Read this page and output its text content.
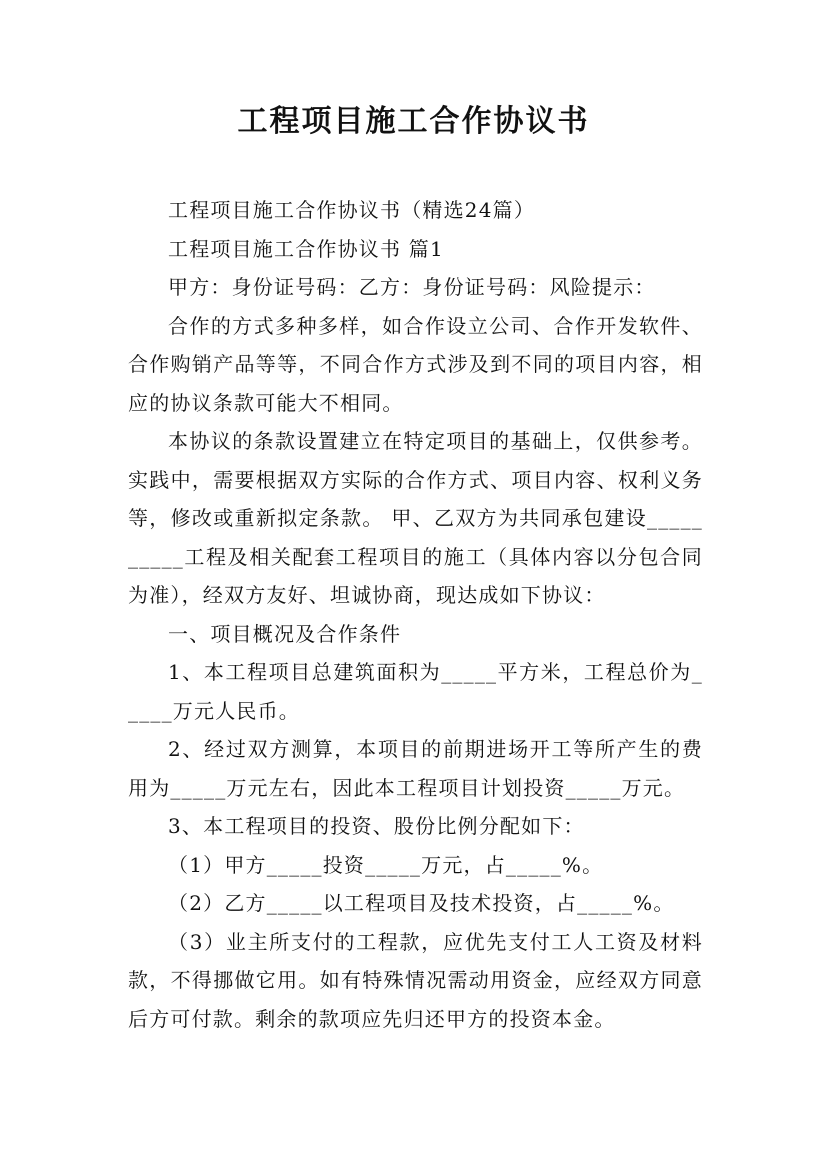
工程项目施工合作协议书

工程项目施工合作协议书（精选24篇）

工程项目施工合作协议书 篇1

甲方：身份证号码：乙方：身份证号码：风险提示：

合作的方式多种多样，如合作设立公司、合作开发软件、合作购销产品等等，不同合作方式涉及到不同的项目内容，相应的协议条款可能大不相同。

本协议的条款设置建立在特定项目的基础上，仅供参考。实践中，需要根据双方实际的合作方式、项目内容、权利义务等，修改或重新拟定条款。 甲、乙双方为共同承包建设__________工程及相关配套工程项目的施工（具体内容以分包合同为准），经双方友好、坦诚协商，现达成如下协议：

一、项目概况及合作条件

1、本工程项目总建筑面积为_____平方米，工程总价为_____万元人民币。

2、经过双方测算，本项目的前期进场开工等所产生的费用为_____万元左右，因此本工程项目计划投资_____万元。

3、本工程项目的投资、股份比例分配如下：

（1）甲方_____投资_____万元，占_____%。

（2）乙方_____以工程项目及技术投资，占_____%。

（3）业主所支付的工程款，应优先支付工人工资及材料款，不得挪做它用。如有特殊情况需动用资金，应经双方同意后方可付款。剩余的款项应先归还甲方的投资本金。
